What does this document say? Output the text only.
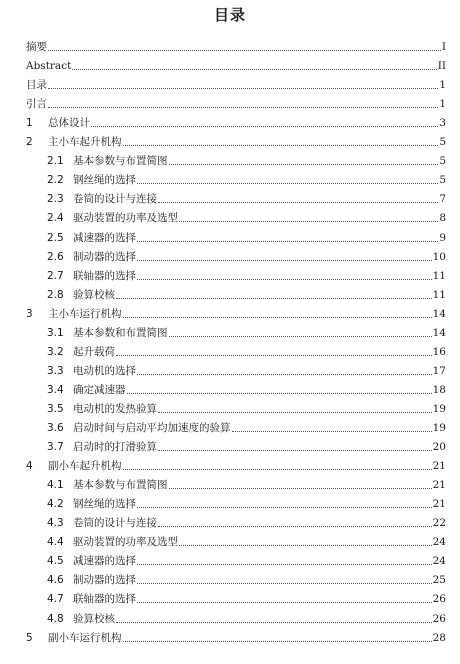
目录
摘要	I
Abstract	II
目录	1
引言	1
1	总体设计	3
2	主小车起升机构	5
2.1 基本参数与布置简图	5
2.2 钢丝绳的选择	5
2.3 卷筒的设计与连接	7
2.4 驱动装置的功率及选型	8
2.5 减速器的选择	9
2.6 制动器的选择	10
2.7 联轴器的选择	11
2.8 验算校核	11
3	主小车运行机构	14
3.1 基本参数和布置简图	14
3.2 起升载荷	16
3.3 电动机的选择	17
3.4 确定减速器	18
3.5 电动机的发热验算	19
3.6 启动时间与启动平均加速度的验算	19
3.7 启动时的打滑验算	20
4	副小车起升机构	21
4.1 基本参数与布置简图	21
4.2 钢丝绳的选择	21
4.3 卷筒的设计与连接	22
4.4 驱动装置的功率及选型	24
4.5 减速器的选择	24
4.6 制动器的选择	25
4.7 联轴器的选择	26
4.8 验算校核	26
5	副小车运行机构	28
